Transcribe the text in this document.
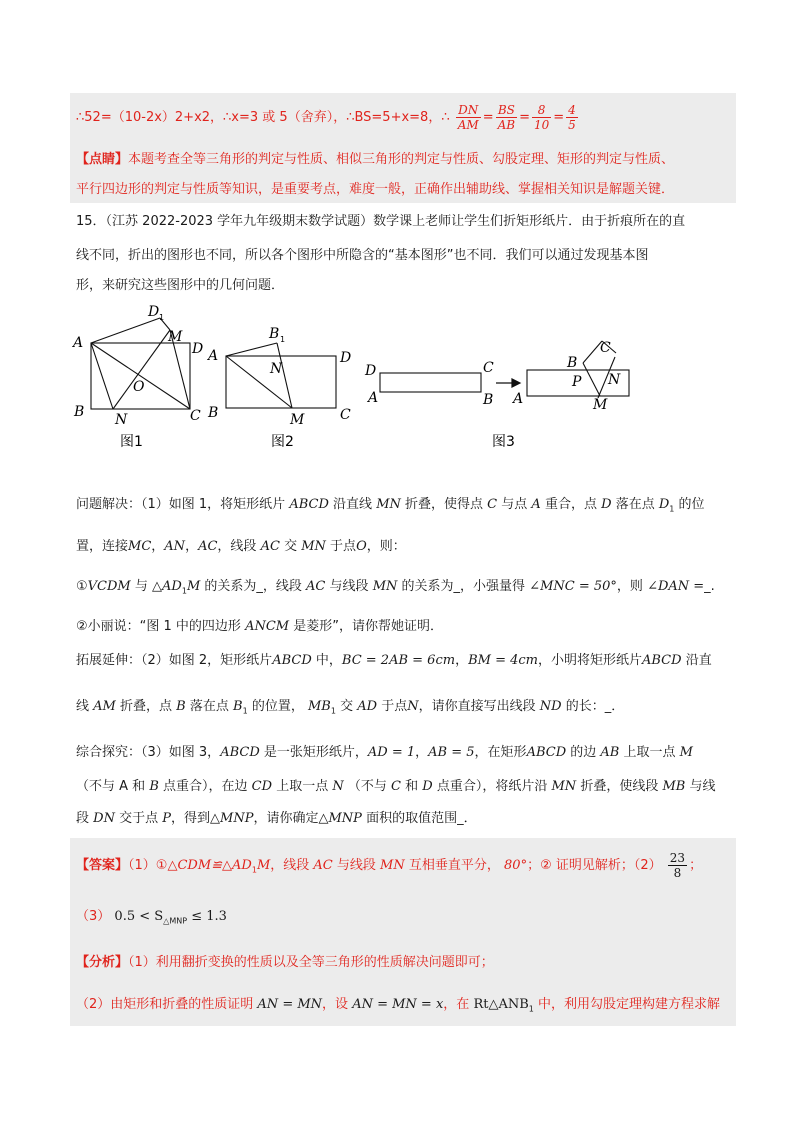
∴52=（10-2x）2+x2，∴x=3 或 5（舍弃），∴BS=5+x=8，∴ $\frac{DN}{AM} = \frac{BS}{AB} = \frac{8}{10} = \frac{4}{5}$
【点睛】本题考查全等三角形的判定与性质、相似三角形的判定与性质、勾股定理、矩形的判定与性质、
平行四边形的判定与性质等知识，是重要考点，难度一般，正确作出辅助线、掌握相关知识是解题关键．
15．（江苏 2022-2023 学年九年级期末数学试题）数学课上老师让学生们折矩形纸片．由于折痕所在的直
线不同，折出的图形也不同，所以各个图形中所隐含的“基本图形”也不同．我们可以通过发现基本图
形，来研究这些图形中的几何问题．
A
B	C
D
D 1
M
N
O
图1
A
B	C
D
B 1
M
N
图2
D
A
C
B
B
C
A
P N
M
图3
问题解决：（1）如图 1，将矩形纸片 ABCD 沿直线 MN 折叠，使得点 C 与点 A 重合，点 D 落在点 $D_1$ 的位
置，连接MC，AN，AC，线段 AC 交 MN 于点O，则：
①VCDM 与 $\triangle AD_1M$ 的关系为_，线段 AC 与线段 MN 的关系为_，小强量得 ∠MNC = 50°，则 ∠DAN =_.
②小丽说：“图 1 中的四边形 ANCM 是菱形”，请你帮她证明．
拓展延伸：（2）如图 2，矩形纸片ABCD 中，BC = 2AB = 6cm，BM = 4cm，小明将矩形纸片ABCD 沿直
线 AM 折叠，点 B 落在点 $B_1$ 的位置， $MB_1$ 交 AD 于点N，请你直接写出线段 ND 的长：_．
综合探究：（3）如图 3，ABCD 是一张矩形纸片，AD = 1，AB = 5，在矩形ABCD 的边 AB 上取一点 M
（不与 A 和 B 点重合），在边 CD 上取一点 N （不与 C 和 D 点重合），将纸片沿 MN 折叠，使线段 MB 与线
段 DN 交于点 P，得到△MNP，请你确定△MNP 面积的取值范围_．
【答案】$(1)①\triangle CDM≌\triangle AD_1M$，线段 AC 与线段 MN 互相垂直平分， 80°；② 证明见解析；$(2) \frac{23}{8}$ ；
（3） $0.5 < S_{\triangle MNP} \le 1.3$
【分析】（1）利用翻折变换的性质以及全等三角形的性质解决问题即可；
（2）由矩形和折叠的性质证明 AN = MN，设 AN = MN = x，在 $Rt\triangle ANB_1$ 中，利用勾股定理构建方程求解
